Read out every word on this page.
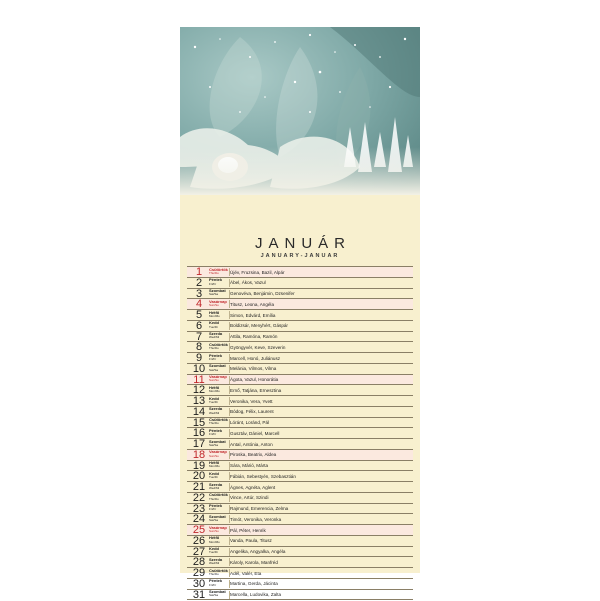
JANUÁR
JANUARY-JANUAR
1	Csütörtök
Thu/Do	Újév, Fruzsina, Bazil, Alpár
2	Péntek
Fri/Fr	Ábel, Ákos, Vazul
3	Szombat
Sat/Sa	Genovéva, Benjámin, Dzsenifer
4	Vasárnap
Sun/So	Titusz, Leona, Angéla
5	Hétfő
Mon/Mo	Simon, Edvárd, Emília
6	Kedd
Tue/Di	Boldizsár, Menyhért, Gáspár
7	Szerda
Wed/Mi	Attila, Ramóna, Ramón
8	Csütörtök
Thu/Do	Gyöngyvér, Keve, Szeverin
9	Péntek
Fri/Fr	Marcell, Honó, Juliánusz
10 Szombat
Sat/Sa	Melánia, Vilmos, Vilma
11	Vasárnap
Sun/So	Ágota, Vazul, Honorátia
12 Hétfő
Mon/Mo	Ernő, Tatjána, Ernesztina
13 Kedd
Tue/Di	Veronika, Vera, Yvett
14 Szerda
Wed/Mi	Bódog, Félix, Laurent
15 Csütörtök
Thu/Do	Lóránt, Loránd, Pál
16 Péntek
Fri/Fr	Gusztáv, Dániel, Marcell
17 Szombat
Sat/Sa	Antal, Antónia, Anton
18 Vasárnap
Sun/So	Piroska, Beatrix, Aldea
19 Hétfő
Mon/Mo	Sára, Márió, Márta
20 Kedd
Tue/Di	Fábián, Sebestyén, Szebasztián
21 Szerda
Wed/Mi	Ágnes, Agnéta, Aglent
22 Csütörtök
Thu/Do	Vince, Artúr, Szindi
23 Péntek
Fri/Fr	Rajmund, Emerencia, Zelma
24 Szombat
Sat/Sa	Timót, Veronika, Veronka
25 Vasárnap
Sun/So	Pál, Péter, Henrik
26 Hétfő
Mon/Mo	Vanda, Paula, Titusz
27 Kedd
Tue/Di	Angelika, Angyalka, Angéla
28 Szerda
Wed/Mi	Károly, Karola, Manfréd
29 Csütörtök
Thu/Do	Adél, Valér, Eta
30 Péntek
Fri/Fr	Martina, Gerda, Jácinta
31 Szombat
Sat/Sa	Marcella, Ludovika, Zalta
